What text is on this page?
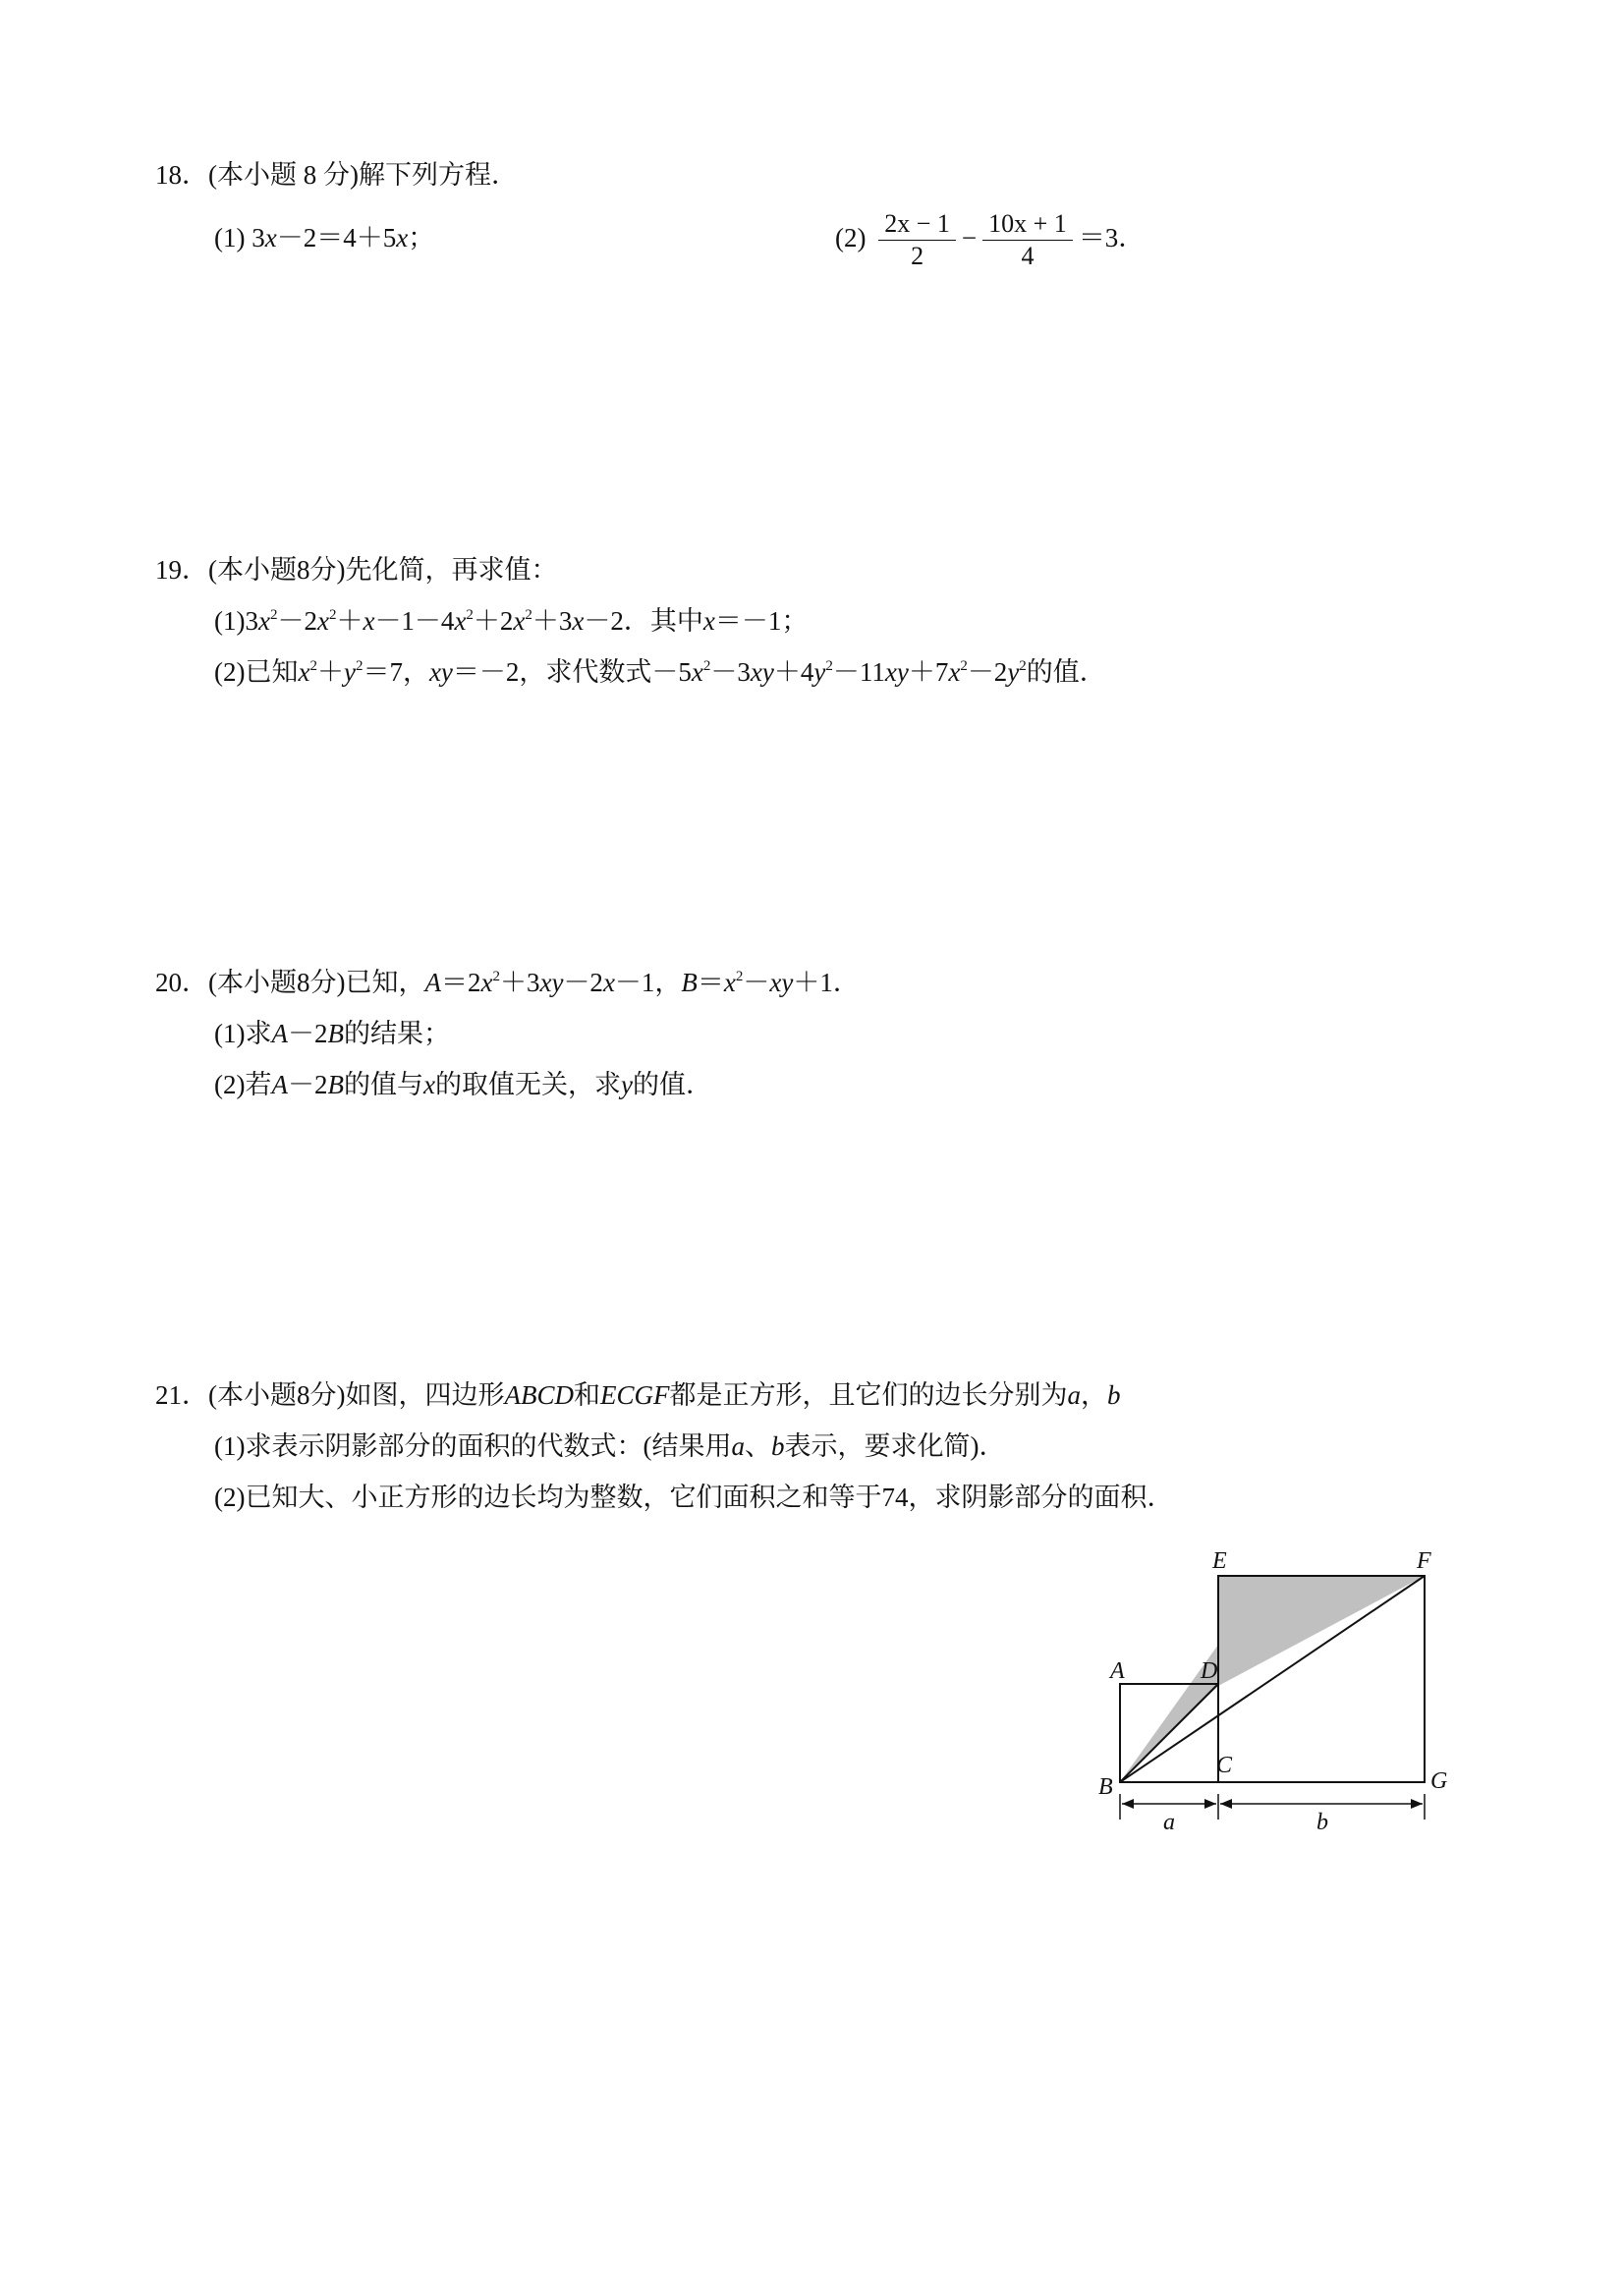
18．(本小题 8 分)解下列方程．
(1) 3x－2＝4＋5x；	$(2) \frac{2x - 1}{2} - \frac{10x + 1}{4} =3$．
19．(本小题8分)先化简，再求值：
$(1)3x^2-2x^2+x-1-4x^2+2x^2+3x-2$．其中x＝－1；
(2)已知$x^2+y^2=7$，xy＝－2，求代数式$-5x^2-3xy+4y^2-11xy+7x^2-2y^2$的值．
20．(本小题8分)已知，$A=2x^2+3xy-2x-1$，$B=x^2-xy+1$．
(1)求A－2B的结果；
(2)若A－2B的值与x的取值无关，求y的值．
21．(本小题8分)如图，四边形ABCD和ECGF都是正方形，且它们的边长分别为a，b
(1)求表示阴影部分的面积的代数式：(结果用a、b表示，要求化简)．
(2)已知大、小正方形的边长均为整数，它们面积之和等于74，求阴影部分的面积．
A
B
C
D
E	F
G
a	b
